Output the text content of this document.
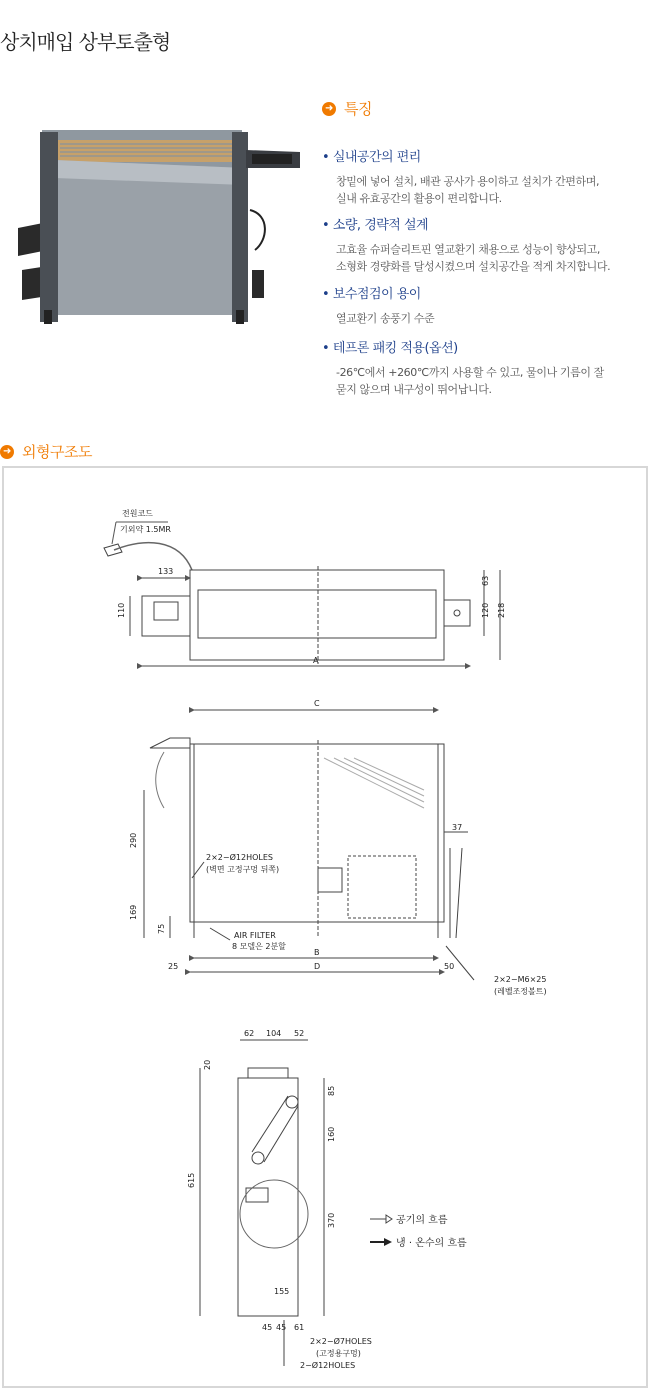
상치매입 상부토출형
➜ 특징
• 실내공간의 편리
창밑에 넣어 설치, 배관 공사가 용이하고 설치가 간편하며,
실내 유효공간의 활용이 편리합니다.
• 소량, 경략적 설계
고효율 슈퍼슬리트핀 열교환기 채용으로 성능이 향상되고,
소형화 경량화를 달성시켰으며 설치공간을 적게 차지합니다.
• 보수점검이 용이
열교환기 송풍기 수준
• 테프론 패킹 적용(옵션)
-26℃에서 +260℃까지 사용할 수 있고, 물이나 기름이 잘
묻지 않으며 내구성이 뛰어납니다.
➜ 외형구조도
전원코드
기외약 1.5MR
133
110
63
120 218
A
C
37
290
169
75
2×2−Ø12HOLES
(벽면 고정구멍 뒤쪽)
AIR FILTER
8 모델은 2분할
B
D
25	50
2×2−M6×25
(레벨조정볼트)
62 104 52
20
85
160
370
615
155
45 45 61
2×2−Ø7HOLES
(고정용구멍)
2−Ø12HOLES
공기의 흐름
냉 · 온수의 흐름
